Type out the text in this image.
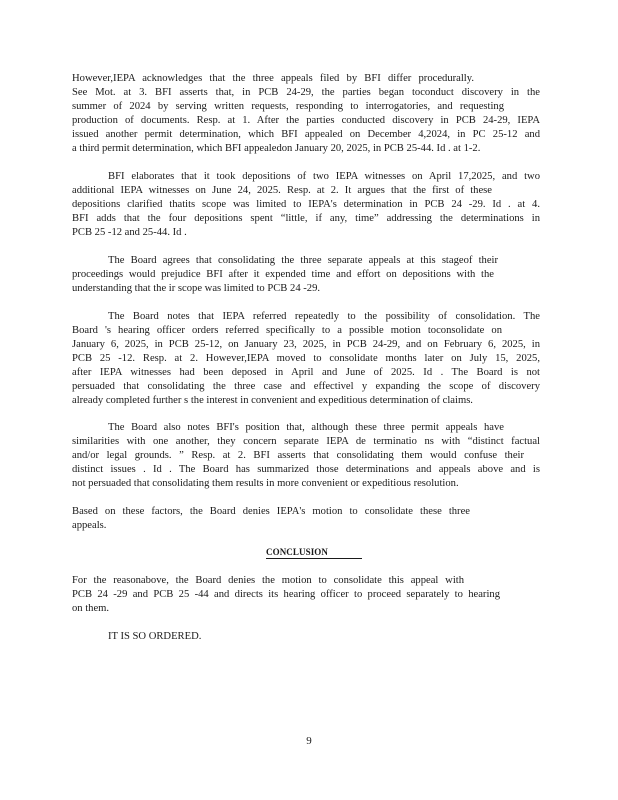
However,IEPA acknowledges that the three appeals filed by BFI differ procedurally.
See Mot. at 3. BFI asserts that, in PCB 24-29, the parties began toconduct discovery in the
summer of 2024 by serving written requests, responding to interrogatories, and requesting
production of documents. Resp. at 1. After the parties conducted discovery in PCB 24-29, IEPA
issued another permit determination, which BFI appealed on December 4,2024, in PC 25-12 and
a third permit determination, which BFI appealedon January 20, 2025, in PCB 25-44. Id . at 1-2.
BFI elaborates that it took depositions of two IEPA witnesses on April 17,2025, and two
additional IEPA witnesses on June 24, 2025. Resp. at 2. It argues that the first of these
depositions clarified thatits scope was limited to IEPA's determination in PCB 24 -29. Id . at 4.
BFI adds that the four depositions spent “little, if any, time” addressing the determinations in
PCB 25 -12 and 25-44. Id .
The Board agrees that consolidating the three separate appeals at this stageof their
proceedings would prejudice BFI after it expended time and effort on depositions with the
understanding that the ir scope was limited to PCB 24 -29.
The Board notes that IEPA referred repeatedly to the possibility of consolidation. The
Board 's hearing officer orders referred specifically to a possible motion toconsolidate on
January 6, 2025, in PCB 25-12, on January 23, 2025, in PCB 24-29, and on February 6, 2025, in
PCB 25 -12. Resp. at 2. However,IEPA moved to consolidate months later on July 15, 2025,
after IEPA witnesses had been deposed in April and June of 2025. Id . The Board is not
persuaded that consolidating the three case and effectivel y expanding the scope of discovery
already completed further s the interest in convenient and expeditious determination of claims.
The Board also notes BFI's position that, although these three permit appeals have
similarities with one another, they concern separate IEPA de terminatio ns with “distinct factual
and/or legal grounds. ” Resp. at 2. BFI asserts that consolidating them would confuse their
distinct issues . Id . The Board has summarized those determinations and appeals above and is
not persuaded that consolidating them results in more convenient or expeditious resolution.
Based on these factors, the Board denies IEPA's motion to consolidate these three
appeals.
CONCLUSION
For the reasonabove, the Board denies the motion to consolidate this appeal with
PCB 24 -29 and PCB 25 -44 and directs its hearing officer to proceed separately to hearing
on them.
IT IS SO ORDERED.
9
